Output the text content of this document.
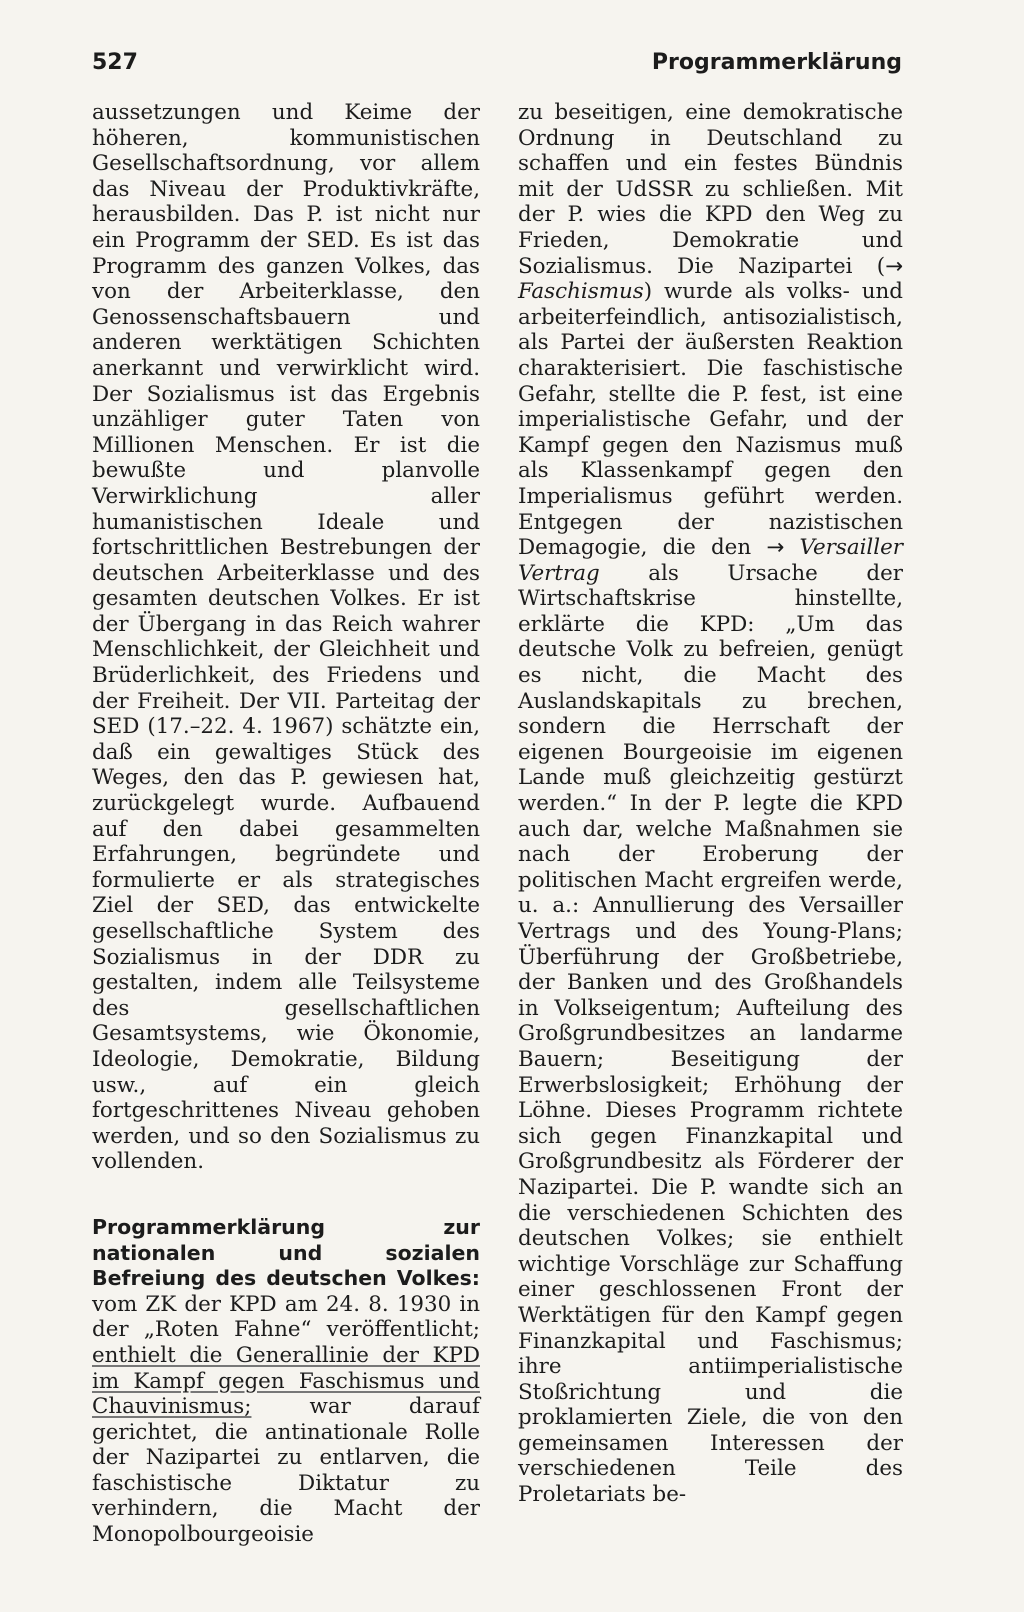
527	Programmerklärung

aussetzungen und Keime der höheren, kommunistischen Gesellschaftsordnung, vor allem das Niveau der Produktivkräfte, herausbilden. Das P. ist nicht nur ein Programm der SED. Es ist das Programm des ganzen Volkes, das von der Arbeiterklasse, den Genossenschaftsbauern und anderen werktätigen Schichten anerkannt und verwirklicht wird. Der Sozialismus ist das Ergebnis unzähliger guter Taten von Millionen Menschen. Er ist die bewußte und planvolle Verwirklichung aller humanistischen Ideale und fortschrittlichen Bestrebungen der deutschen Arbeiterklasse und des gesamten deutschen Volkes. Er ist der Übergang in das Reich wahrer Menschlichkeit, der Gleichheit und Brüderlichkeit, des Friedens und der Freiheit. Der VII. Parteitag der SED (17.–22. 4. 1967) schätzte ein, daß ein gewaltiges Stück des Weges, den das P. gewiesen hat, zurückgelegt wurde. Aufbauend auf den dabei gesammelten Erfahrungen, begründete und formulierte er als strategisches Ziel der SED, das entwickelte gesellschaftliche System des Sozialismus in der DDR zu gestalten, indem alle Teilsysteme des gesellschaftlichen Gesamtsystems, wie Ökonomie, Ideologie, Demokratie, Bildung usw., auf ein gleich fortgeschrittenes Niveau gehoben werden, und so den Sozialismus zu vollenden.

Programmerklärung zur nationalen und sozialen Befreiung des deutschen Volkes: vom ZK der KPD am 24. 8. 1930 in der „Roten Fahne“ veröffentlicht; enthielt die Generallinie der KPD im Kampf gegen Faschismus und Chauvinismus;	war darauf gerichtet, die antinationale Rolle der Nazipartei zu entlarven, die faschistische Diktatur zu verhindern, die Macht der Monopolbourgeoisie

zu beseitigen, eine demokratische Ordnung in Deutschland zu schaffen und ein festes Bündnis mit der UdSSR zu schließen. Mit der P. wies die KPD den Weg zu Frieden, Demokratie und Sozialismus. Die Nazipartei (→ Faschismus) wurde als volks- und arbeiterfeindlich, antisozialistisch, als Partei der äußersten Reaktion charakterisiert. Die faschistische Gefahr, stellte die P. fest, ist eine imperialistische Gefahr, und der Kampf gegen den Nazismus muß als Klassenkampf gegen den Imperialismus geführt werden. Entgegen der nazistischen Demagogie, die den → Versailler Vertrag als Ursache der Wirtschaftskrise hinstellte, erklärte die KPD: „Um das deutsche Volk zu befreien, genügt es nicht, die Macht des Auslandskapitals zu brechen, sondern die Herrschaft der eigenen Bourgeoisie im eigenen Lande muß gleichzeitig gestürzt werden.“ In der P. legte die KPD auch dar, welche Maßnahmen sie nach der Eroberung der politischen Macht ergreifen werde, u. a.: Annullierung des Versailler Vertrags und des Young-Plans; Überführung der Großbetriebe, der Banken und des Großhandels in Volkseigentum; Aufteilung des Großgrundbesitzes an landarme Bauern; Beseitigung der Erwerbslosigkeit; Erhöhung der Löhne. Dieses Programm richtete sich gegen Finanzkapital und Großgrundbesitz als Förderer der Nazipartei. Die P. wandte sich an die verschiedenen Schichten des deutschen Volkes; sie enthielt wichtige Vorschläge zur Schaffung einer geschlossenen Front der Werktätigen für den Kampf gegen Finanzkapital und Faschismus; ihre antiimperialistische Stoßrichtung und die proklamierten Ziele, die von den gemeinsamen Interessen der verschiedenen Teile des Proletariats be-
